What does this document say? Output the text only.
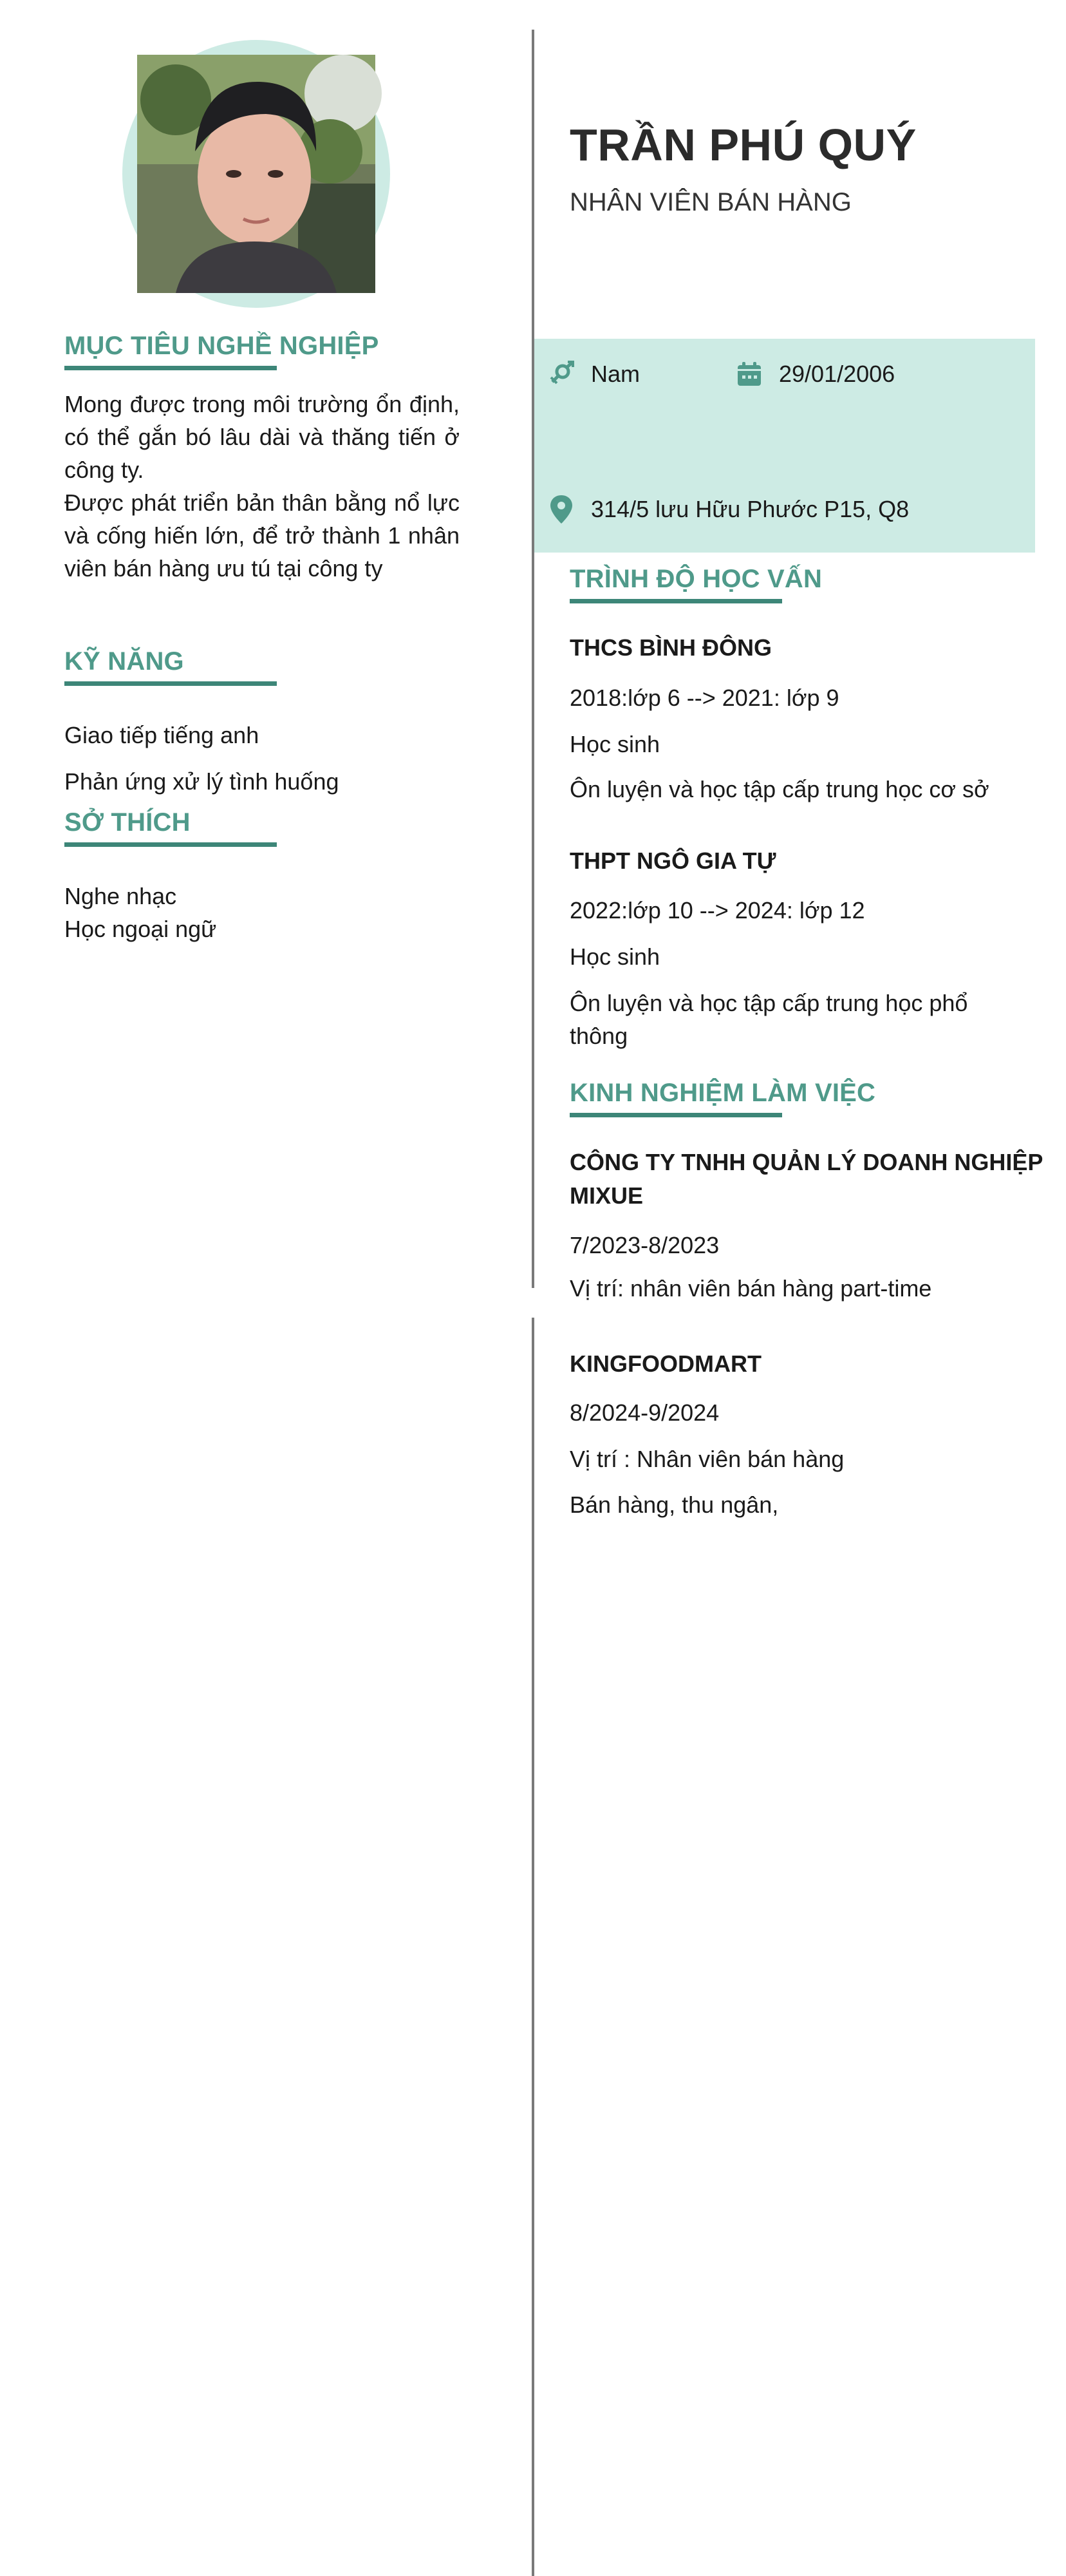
MỤC TIÊU NGHỀ NGHIỆP
Mong được trong môi trường ổn định, có thể gắn bó lâu dài và thăng tiến ở công ty.
Được phát triển bản thân bằng nổ lực và cống hiến lớn, để trở thành 1 nhân viên bán hàng ưu tú tại công ty
KỸ NĂNG
Giao tiếp tiếng anh
Phản ứng xử lý tình huống
SỞ THÍCH
Nghe nhạc
Học ngoại ngữ
TRẦN PHÚ QUÝ
NHÂN VIÊN BÁN HÀNG
Nam	29/01/2006
314/5 lưu Hữu Phước P15, Q8
TRÌNH ĐỘ HỌC VẤN
THCS BÌNH ĐÔNG
2018:lớp 6 --> 2021: lớp 9
Học sinh
Ôn luyện và học tập cấp trung học cơ sở
THPT NGÔ GIA TỰ
2022:lớp 10 --> 2024: lớp 12
Học sinh
Ôn luyện và học tập cấp trung học phổ
thông
KINH NGHIỆM LÀM VIỆC
CÔNG TY TNHH QUẢN LÝ DOANH NGHIỆP
MIXUE
7/2023-8/2023
Vị trí: nhân viên bán hàng part-time
KINGFOODMART
8/2024-9/2024
Vị trí : Nhân viên bán hàng
Bán hàng, thu ngân,
